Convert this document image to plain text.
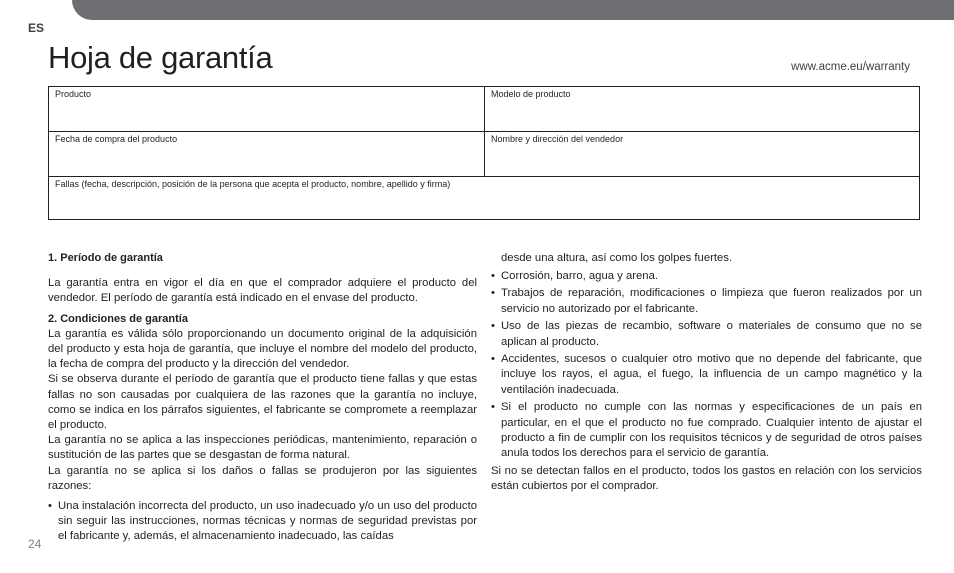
ES
Hoja de garantía	www.acme.eu/warranty
Producto	Modelo de producto
Fecha de compra del producto	Nombre y dirección del vendedor
Fallas (fecha, descripción, posición de la persona que acepta el producto, nombre, apellido y firma)
1. Período de garantía

La garantía entra en vigor el día en que el comprador adquiere el producto del vendedor. El período de garantía está indicado en el envase del producto.

2. Condiciones de garantía

La garantía es válida sólo proporcionando un documento original de la adquisición del producto y esta hoja de garantía, que incluye el nombre del modelo del producto, la fecha de compra del producto y la dirección del vendedor.

Si se observa durante el período de garantía que el producto tiene fallas y que estas fallas no son causadas por cualquiera de las razones que la garantía no incluye, como se indica en los párrafos siguientes, el fabricante se compromete a reemplazar el producto.

La garantía no se aplica a las inspecciones periódicas, mantenimiento, reparación o sustitución de las partes que se desgastan de forma natural.

La garantía no se aplica si los daños o fallas se produjeron por las siguientes razones:

• Una instalación incorrecta del producto, un uso inadecuado y/o un uso del producto sin seguir las instrucciones, normas técnicas y normas de seguridad previstas por el fabricante y, además, el almacenamiento inadecuado, las caídas

desde una altura, así como los golpes fuertes.

• Corrosión, barro, agua y arena.
• Trabajos de reparación, modificaciones o limpieza que fueron realizados por un servicio no autorizado por el fabricante.
• Uso de las piezas de recambio, software o materiales de consumo que no se aplican al producto.
• Accidentes, sucesos o cualquier otro motivo que no depende del fabricante, que incluye los rayos, el agua, el fuego, la influencia de un campo magnético y la ventilación inadecuada.
• Si el producto no cumple con las normas y especificaciones de un país en particular, en el que el producto no fue comprado. Cualquier intento de ajustar el producto a fin de cumplir con los requisitos técnicos y de seguridad de otros países anula todos los derechos para el servicio de garantía.

Si no se detectan fallos en el producto, todos los gastos en relación con los servicios están cubiertos por el comprador.

24
